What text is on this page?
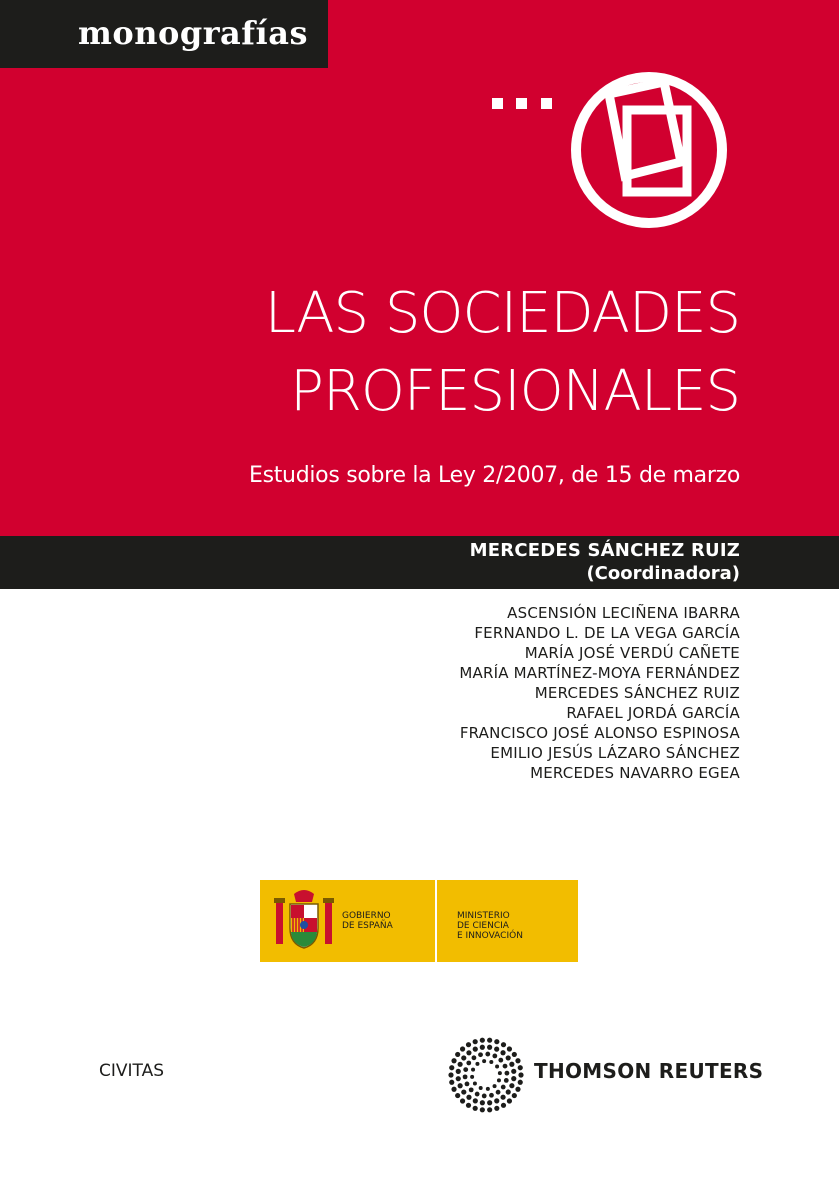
monografías
LAS SOCIEDADES
PROFESIONALES
Estudios sobre la Ley 2/2007, de 15 de marzo
MERCEDES SÁNCHEZ RUIZ
(Coordinadora)
ASCENSIÓN LECIÑENA IBARRA
FERNANDO L. DE LA VEGA GARCÍA
MARÍA JOSÉ VERDÚ CAÑETE
MARÍA MARTÍNEZ-MOYA FERNÁNDEZ
MERCEDES SÁNCHEZ RUIZ
RAFAEL JORDÁ GARCÍA
FRANCISCO JOSÉ ALONSO ESPINOSA
EMILIO JESÚS LÁZARO SÁNCHEZ
MERCEDES NAVARRO EGEA
GOBIERNO
DE ESPAÑA
MINISTERIO
DE CIENCIA
E INNOVACIÓN
CIVITAS	THOMSON REUTERS
